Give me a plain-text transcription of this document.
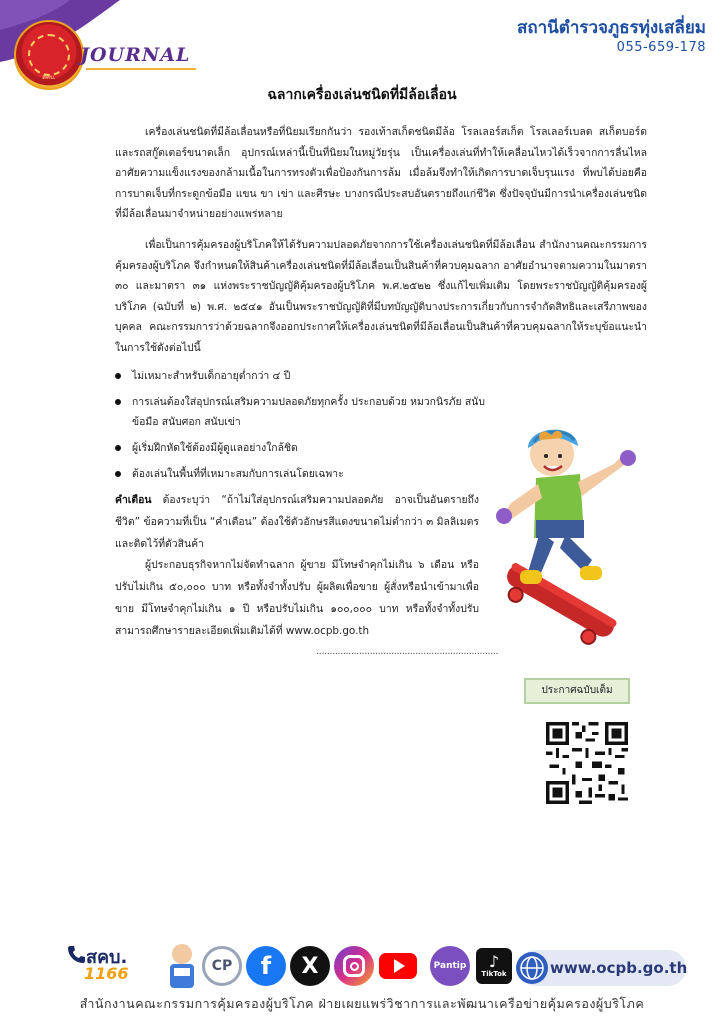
สคบ.
JOURNAL
สถานีตำรวจภูธรทุ่งเสลี่ยม
055-659-178
ฉลากเครื่องเล่นชนิดที่มีล้อเลื่อน

เครื่องเล่นชนิดที่มีล้อเลื่อนหรือที่นิยมเรียกกันว่า รองเท้าสเก็ตชนิดมีล้อ โรลเลอร์สเก็ต โรลเลอร์เบลด สเก็ตบอร์ด และรถสกู๊ตเตอร์ขนาดเล็ก อุปกรณ์เหล่านี้เป็นที่นิยมในหมู่วัยรุ่น เป็นเครื่องเล่นที่ทำให้เคลื่อนไหวได้เร็วจากการลื่นไหล อาศัยความแข็งแรงของกล้ามเนื้อในการทรงตัวเพื่อป้องกันการล้ม เมื่อล้มจึงทำให้เกิดการบาดเจ็บรุนแรง ที่พบได้บ่อยคือการบาดเจ็บที่กระดูกข้อมือ แขน ขา เข่า และศีรษะ บางกรณีประสบอันตรายถึงแก่ชีวิต ซึ่งปัจจุบันมีการนำเครื่องเล่นชนิดที่มีล้อเลื่อนมาจำหน่ายอย่างแพร่หลาย

เพื่อเป็นการคุ้มครองผู้บริโภคให้ได้รับความปลอดภัยจากการใช้เครื่องเล่นชนิดที่มีล้อเลื่อน สำนักงานคณะกรรมการคุ้มครองผู้บริโภค จึงกำหนดให้สินค้าเครื่องเล่นชนิดที่มีล้อเลื่อนเป็นสินค้าที่ควบคุมฉลาก อาศัยอำนาจตามความในมาตรา ๓๐ และมาตรา ๓๑ แห่งพระราชบัญญัติคุ้มครองผู้บริโภค พ.ศ.๒๕๒๒ ซึ่งแก้ไขเพิ่มเติม โดยพระราชบัญญัติคุ้มครองผู้บริโภค (ฉบับที่ ๒) พ.ศ. ๒๕๔๑ อันเป็นพระราชบัญญัติที่มีบทบัญญัติบางประการเกี่ยวกับการจำกัดสิทธิและเสรีภาพของบุคคล คณะกรรมการว่าด้วยฉลากจึงออกประกาศให้เครื่องเล่นชนิดที่มีล้อเลื่อนเป็นสินค้าที่ควบคุมฉลากให้ระบุข้อแนะนำในการใช้ดังต่อไปนี้

ไม่เหมาะสำหรับเด็กอายุต่ำกว่า ๔ ปี
การเล่นต้องใส่อุปกรณ์เสริมความปลอดภัยทุกครั้ง ประกอบด้วย หมวกนิรภัย สนับข้อมือ สนับศอก สนับเข่า
ผู้เริ่มฝึกหัดใช้ต้องมีผู้ดูแลอย่างใกล้ชิด
ต้องเล่นในพื้นที่ที่เหมาะสมกับการเล่นโดยเฉพาะ

คำเตือน ต้องระบุว่า “ถ้าไม่ใส่อุปกรณ์เสริมความปลอดภัย อาจเป็นอันตรายถึงชีวิต” ข้อความที่เป็น “คำเตือน” ต้องใช้ตัวอักษรสีแดงขนาดไม่ต่ำกว่า ๓ มิลลิเมตร และติดไว้ที่ตัวสินค้า

ผู้ประกอบธุรกิจหากไม่จัดทำฉลาก ผู้ขาย มีโทษจำคุกไม่เกิน ๖ เดือน หรือปรับไม่เกิน ๕๐,๐๐๐ บาท หรือทั้งจำทั้งปรับ ผู้ผลิตเพื่อขาย ผู้สั่งหรือนำเข้ามาเพื่อขาย มีโทษจำคุกไม่เกิน ๑ ปี หรือปรับไม่เกิน ๑๐๐,๐๐๐ บาท หรือทั้งจำทั้งปรับ สามารถศึกษารายละเอียดเพิ่มเติมได้ที่ www.ocpb.go.th

....................................................................
ประกาศฉบับเต็ม
สคบ.
1166	CP	f	X	Pantip ♪
TikTok	www.ocpb.go.th
สำนักงานคณะกรรมการคุ้มครองผู้บริโภค ฝ่ายเผยแพร่วิชาการและพัฒนาเครือข่ายคุ้มครองผู้บริโภค
